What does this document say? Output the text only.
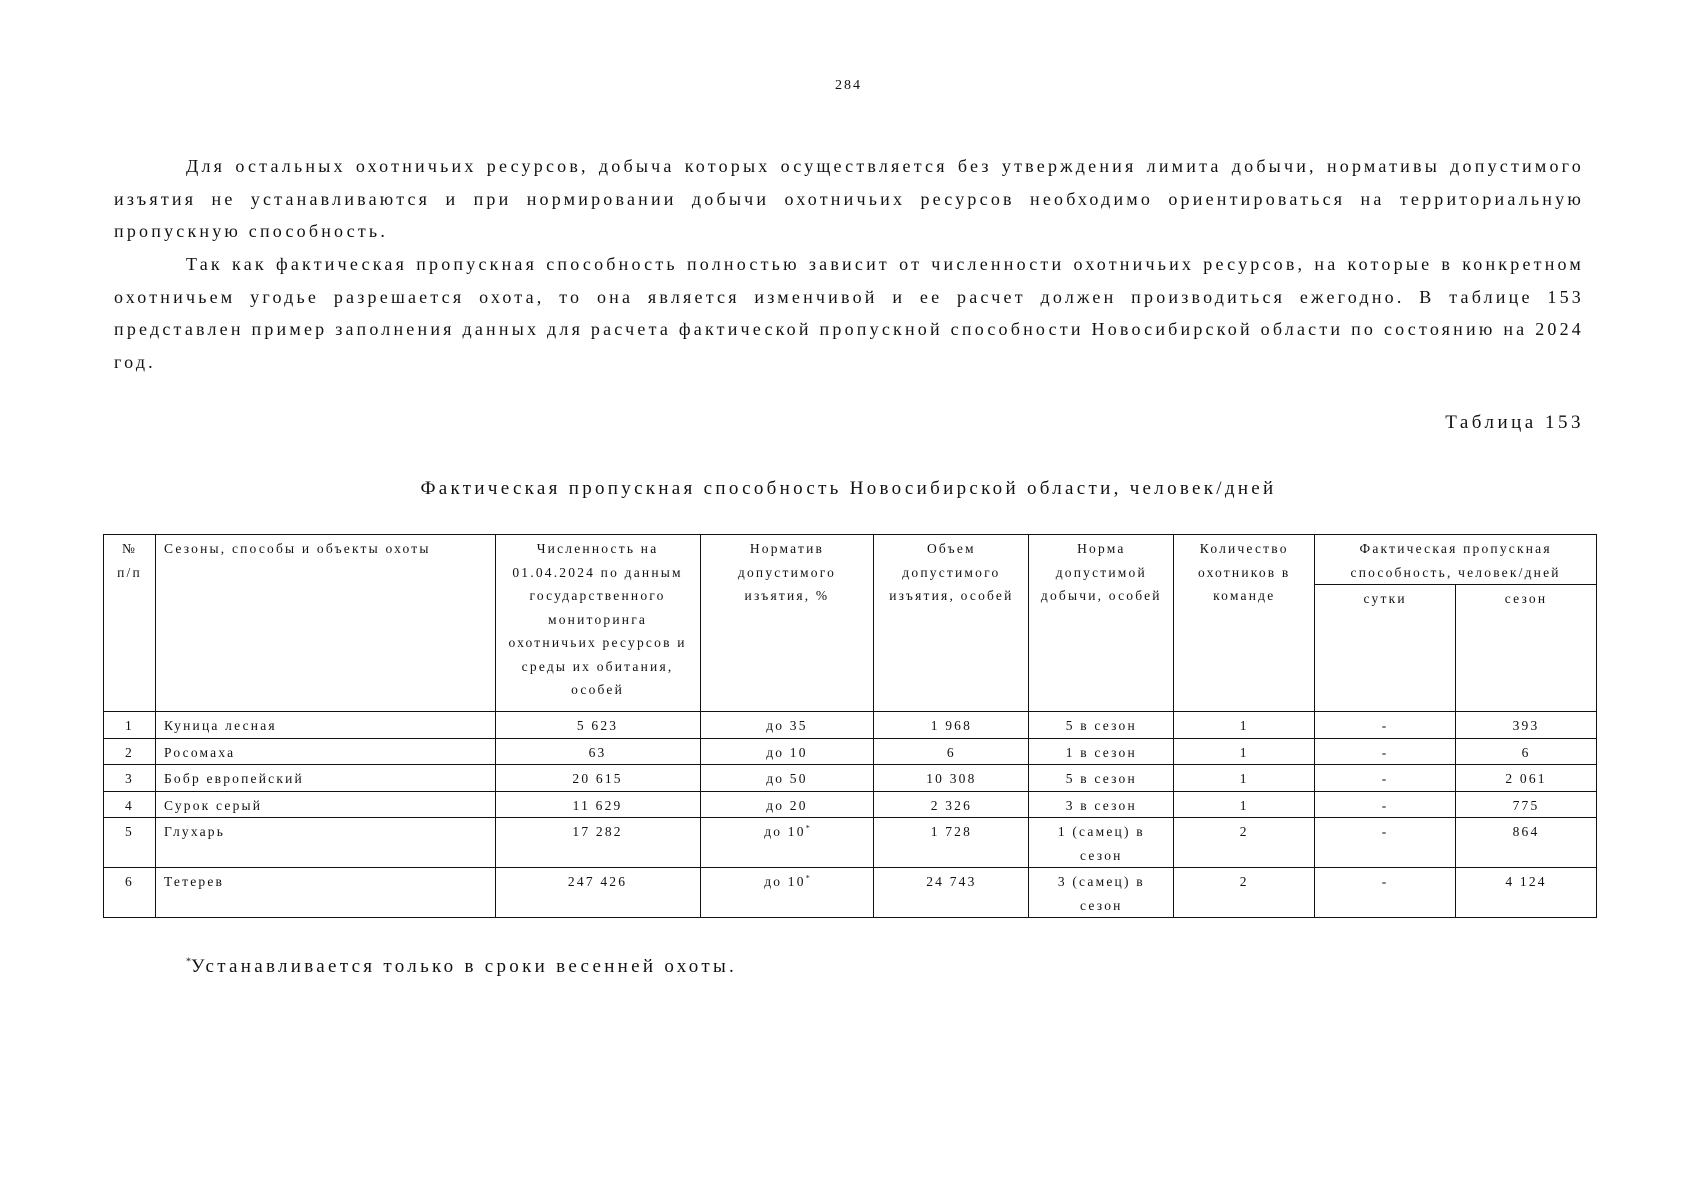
284

Для остальных охотничьих ресурсов, добыча которых осуществляется без утверждения лимита добычи, нормативы допустимого изъятия не устанавливаются и при нормировании добычи охотничьих ресурсов необходимо ориентироваться на территориальную пропускную способность.

Так как фактическая пропускная способность полностью зависит от численности охотничьих ресурсов, на которые в конкретном охотничьем угодье разрешается охота, то она является изменчивой и ее расчет должен производиться ежегодно. В таблице 153 представлен пример заполнения данных для расчета фактической пропускной способности Новосибирской области по состоянию на 2024 год.

Таблица 153
Фактическая пропускная способность Новосибирской области, человек/дней
№ п/п	Сезоны, способы и объекты охоты	Численность на 01.04.2024 по данным государственного мониторинга охотничьих ресурсов и среды их обитания, особей	Норматив допустимого изъятия, %	Объем допустимого изъятия, особей	Норма допустимой добычи, особей	Количество охотников в команде	Фактическая пропускная способность, человек/дней	
							сутки	сезон
1	Куница лесная	5 623	до 35	1 968	5 в сезон	1	-	393
2	Росомаха	63	до 10	6	1 в сезон	1	-	6
3	Бобр европейский	20 615	до 50	10 308	5 в сезон	1	-	2 061
4	Сурок серый	11 629	до 20	2 326	3 в сезон	1	-	775
5	Глухарь	17 282	до 10*	1 728	1 (самец) в сезон	2	-	864
6	Тетерев	247 426	до 10*	24 743	3 (самец) в сезон	2	-	4 124
*Устанавливается только в сроки весенней охоты.
